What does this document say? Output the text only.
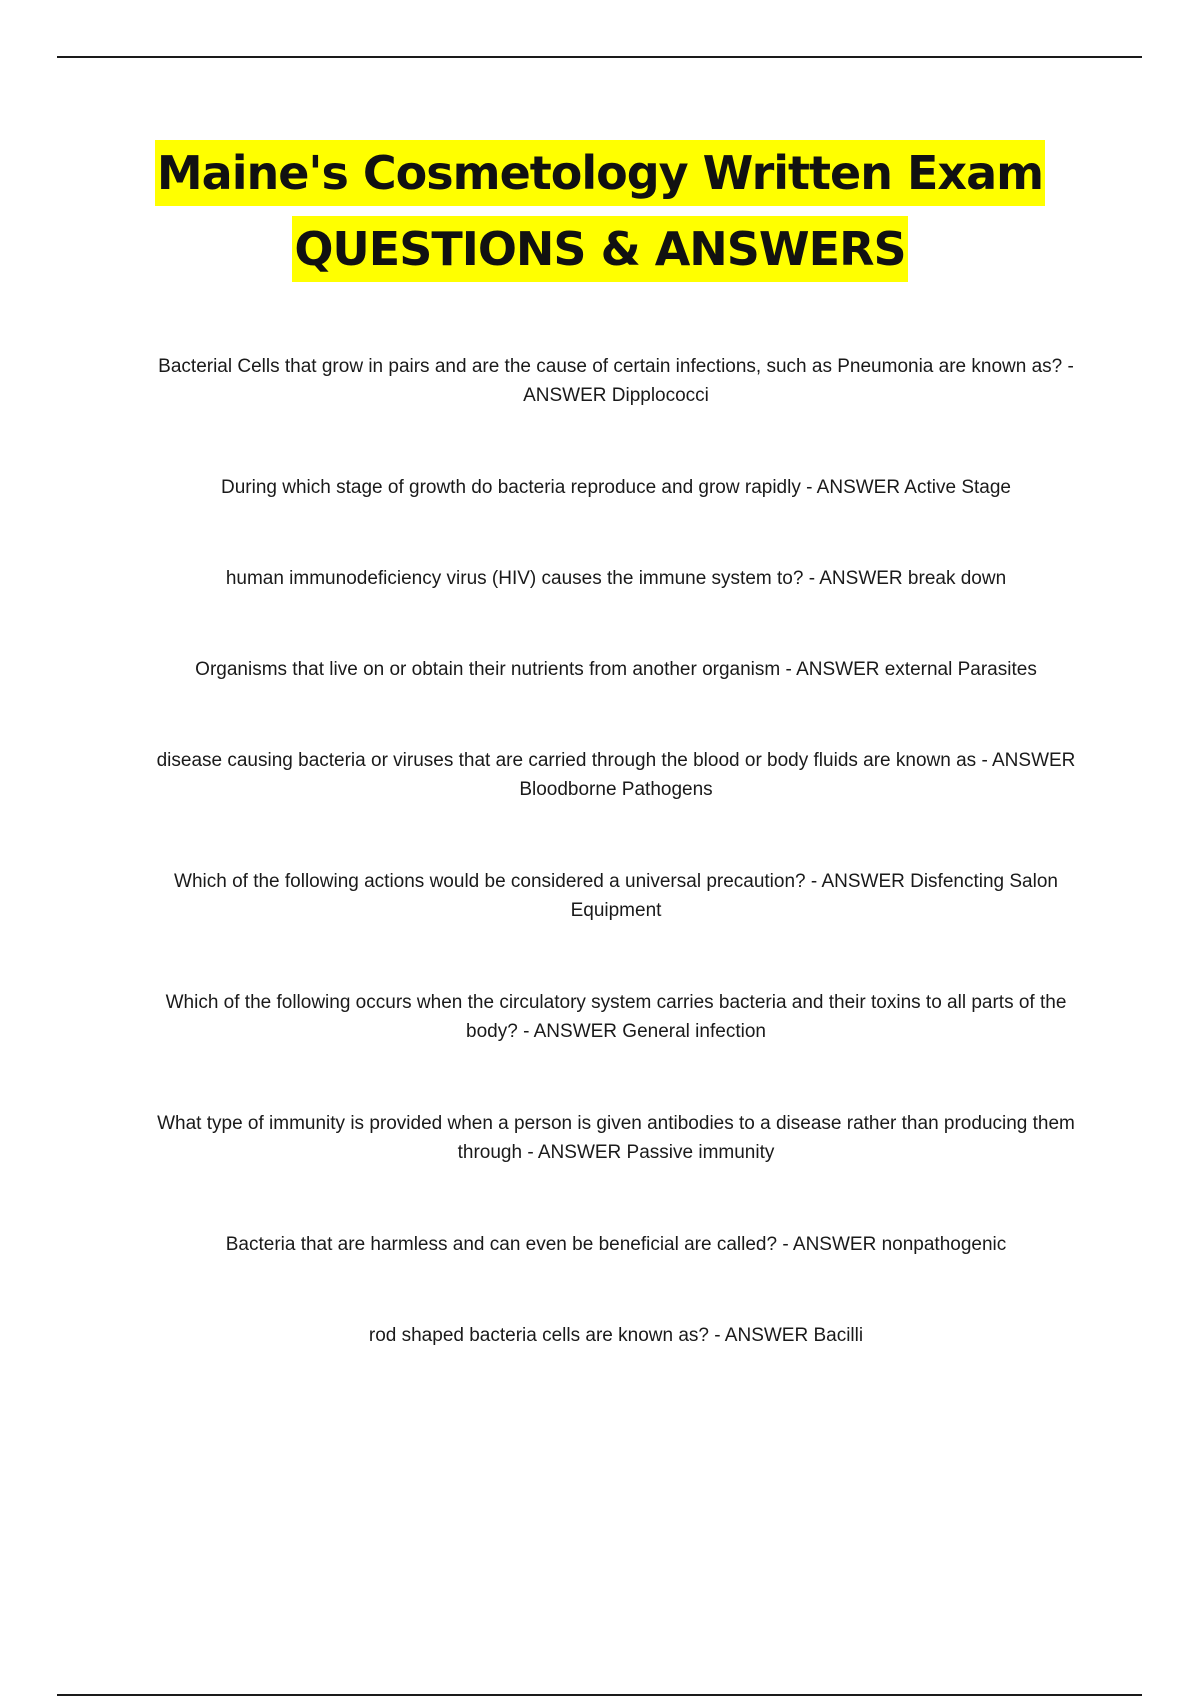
Maine's Cosmetology Written Exam
QUESTIONS & ANSWERS
Bacterial Cells that grow in pairs and are the cause of certain infections, such as Pneumonia are known as? - ANSWER Dipplococci
During which stage of growth do bacteria reproduce and grow rapidly - ANSWER Active Stage
human immunodeficiency virus (HIV) causes the immune system to? - ANSWER break down
Organisms that live on or obtain their nutrients from another organism - ANSWER external Parasites
disease causing bacteria or viruses that are carried through the blood or body fluids are known as - ANSWER Bloodborne Pathogens
Which of the following actions would be considered a universal precaution? - ANSWER Disfencting Salon Equipment
Which of the following occurs when the circulatory system carries bacteria and their toxins to all parts of the body? - ANSWER General infection
What type of immunity is provided when a person is given antibodies to a disease rather than producing them through - ANSWER Passive immunity
Bacteria that are harmless and can even be beneficial are called? - ANSWER nonpathogenic
rod shaped bacteria cells are known as? - ANSWER Bacilli
